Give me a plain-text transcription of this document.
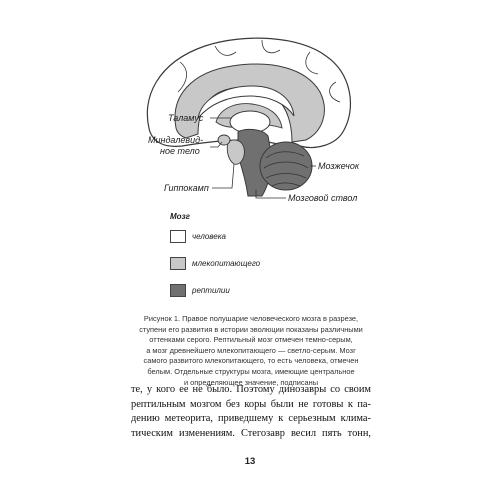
Таламус
Миндалевид-
ное тело
Гиппокамп
Мозжечок
Мозговой ствол
Мозг
человека
млекопитающего
рептилии
Рисунок 1. Правое полушарие человеческого мозга в разрезе,
ступени его развития в истории эволюции показаны различными
оттенками серого. Рептильный мозг отмечен темно-серым,
а мозг древнейшего млекопитающего — светло-серым. Мозг
самого развитого млекопитающего, то есть человека, отмечен
белым. Отдельные структуры мозга, имеющие центральное
и определяющее значение, подписаны
те, у кого ее не было. Поэтому динозавры со своим
рептильным мозгом без коры были не готовы к па-
дению метеорита, приведшему к серьезным клима-
тическим изменениям. Стегозавр весил пять тонн,
13
